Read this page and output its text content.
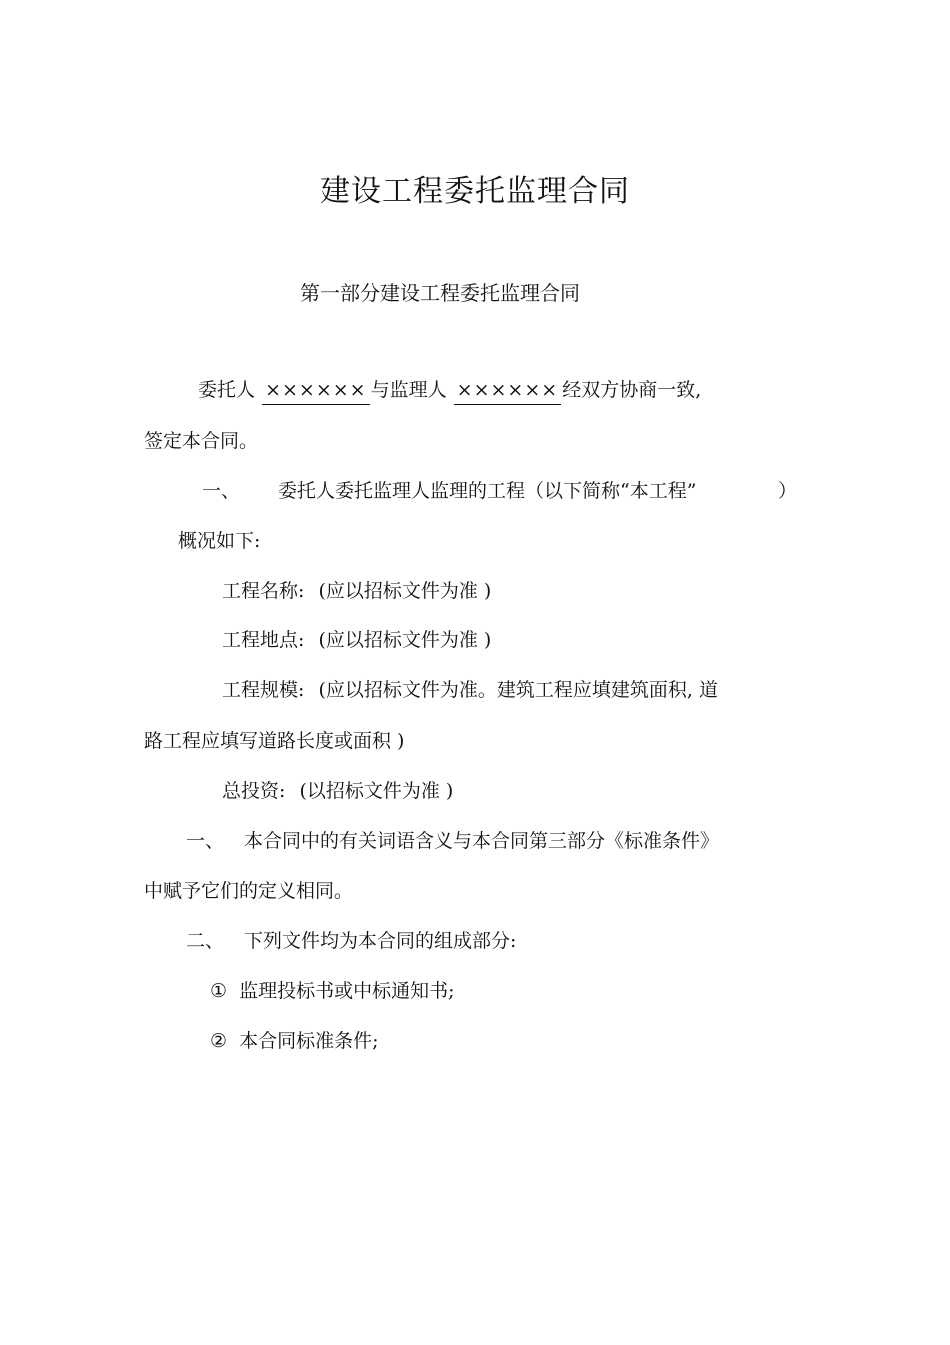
建设工程委托监理合同
第一部分建设工程委托监理合同
委托人 ×××××× 与监理人 ×××××× 经双方协商一致,
签定本合同。
一、 委托人委托监理人监理的工程（以下简称“本工程”	）
概况如下:
工程名称: (应以招标文件为准 )
工程地点: (应以招标文件为准 )
工程规模: (应以招标文件为准。建筑工程应填建筑面积, 道
路工程应填写道路长度或面积 )
总投资: (以招标文件为准 )
一、 本合同中的有关词语含义与本合同第三部分《标准条件》
中赋予它们的定义相同。
二、 下列文件均为本合同的组成部分:
① 监理投标书或中标通知书;
② 本合同标准条件;
